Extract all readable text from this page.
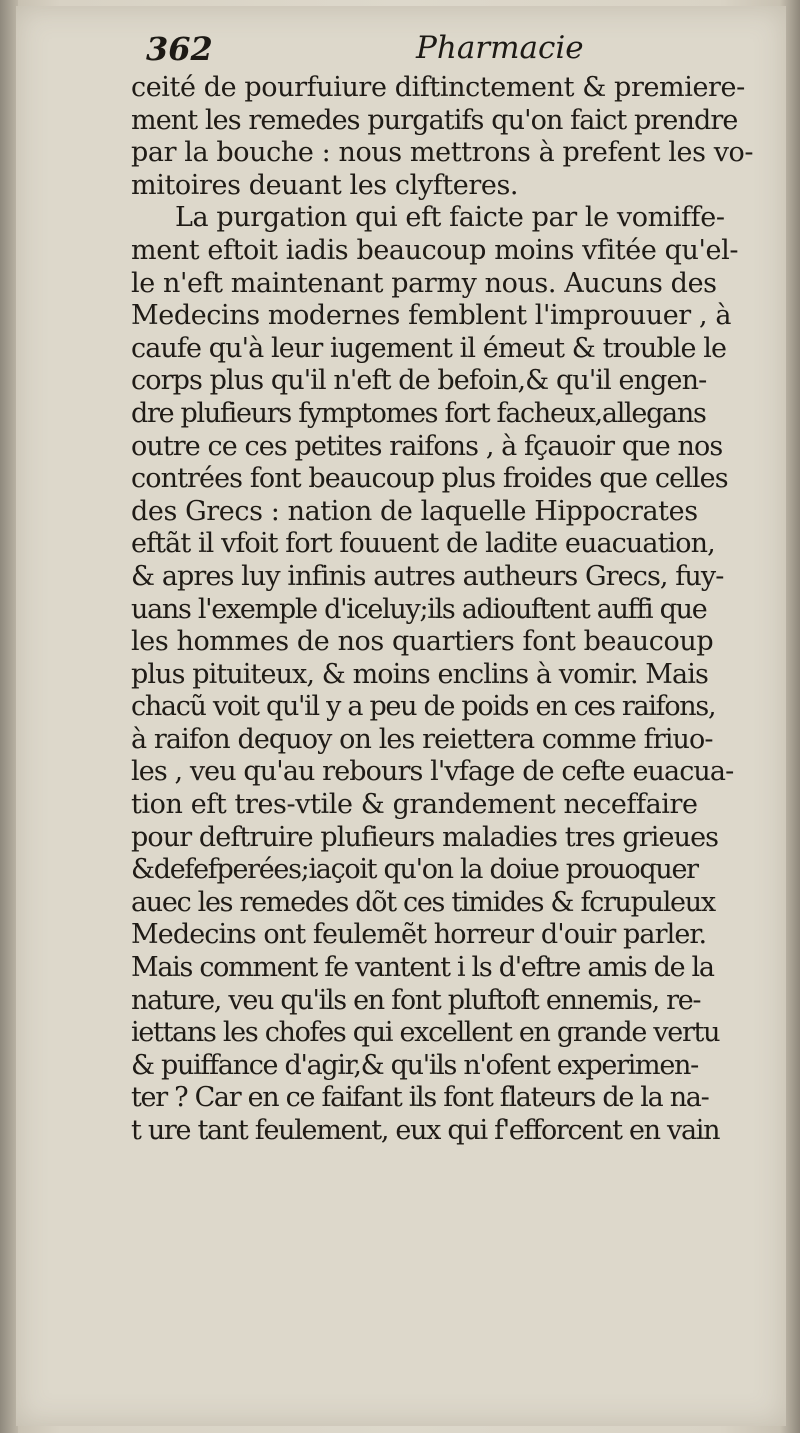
362	Pharmacie
ceité de pourfuiure diftinctement & premiere-
ment les remedes purgatifs qu'on faict prendre
par la bouche : nous mettrons à prefent les vo-
mitoires deuant les clyfteres.
La purgation qui eft faicte par le vomiffe-
ment eftoit iadis beaucoup moins vfitée qu'el-
le n'eft maintenant parmy nous. Aucuns des
Medecins modernes femblent l'improuuer , à
caufe qu'à leur iugement il émeut & trouble le
corps plus qu'il n'eft de befoin,& qu'il engen-
dre plufieurs fymptomes fort facheux,allegans
outre ce ces petites raifons , à fçauoir que nos
contrées font beaucoup plus froides que celles
des Grecs : nation de laquelle Hippocrates
eftãt il vfoit fort fouuent de ladite euacuation,
& apres luy infinis autres autheurs Grecs, fuy-
uans l'exemple d'iceluy;ils adiouftent auffi que
les hommes de nos quartiers font beaucoup
plus pituiteux, & moins enclins à vomir. Mais
chacũ voit qu'il y a peu de poids en ces raifons,
à raifon dequoy on les reiettera comme friuo-
les , veu qu'au rebours l'vfage de cefte euacua-
tion eft tres-vtile & grandement neceffaire
pour deftruire plufieurs maladies tres grieues
&defefperées;iaçoit qu'on la doiue prouoquer
auec les remedes dõt ces timides & fcrupuleux
Medecins ont feulemẽt horreur d'ouir parler.
Mais comment fe vantent i ls d'eftre amis de la
nature, veu qu'ils en font pluftoft ennemis, re-
iettans les chofes qui excellent en grande vertu
& puiffance d'agir,& qu'ils n'ofent experimen-
ter ? Car en ce faifant ils font flateurs de la na-
t ure tant feulement, eux qui f'efforcent en vain
